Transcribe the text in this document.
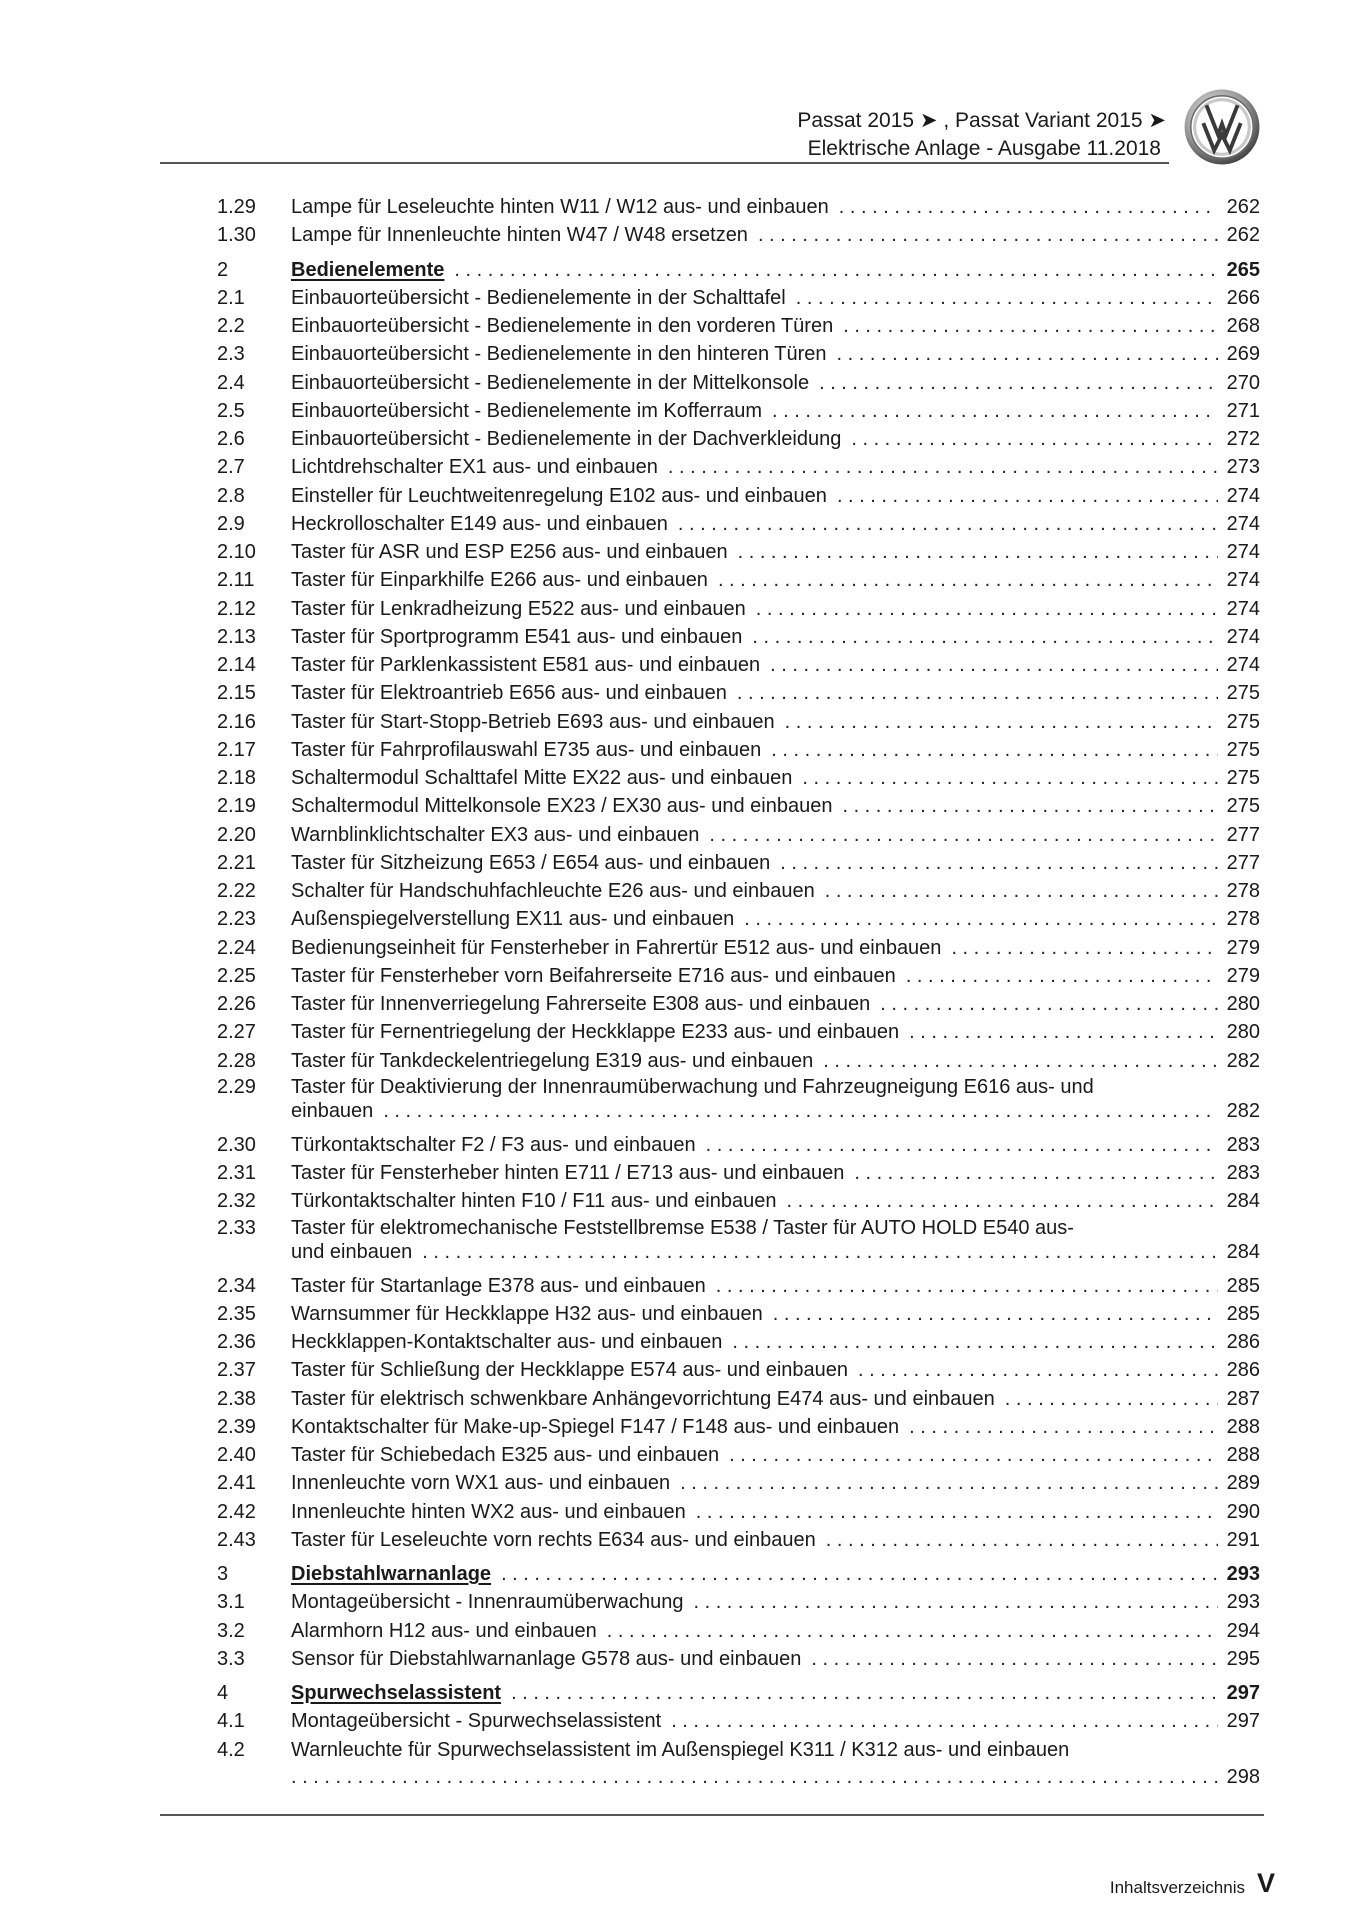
Passat 2015 ➤ , Passat Variant 2015 ➤
Elektrische Anlage - Ausgabe 11.2018
1.29 Lampe für Leseleuchte hinten W11 / W12 aus- und einbauen . . .	262
1.30 Lampe für Innenleuchte hinten W47 / W48 ersetzen . . .	262
2	Bedienelemente . . .	265
2.1 Einbauorteübersicht - Bedienelemente in der Schalttafel . . .	266
2.2 Einbauorteübersicht - Bedienelemente in den vorderen Türen . . .	268
2.3 Einbauorteübersicht - Bedienelemente in den hinteren Türen . . .	269
2.4 Einbauorteübersicht - Bedienelemente in der Mittelkonsole . . .	270
2.5 Einbauorteübersicht - Bedienelemente im Kofferraum . . .	271
2.6 Einbauorteübersicht - Bedienelemente in der Dachverkleidung . . .	272
2.7 Lichtdrehschalter EX1 aus- und einbauen . . .	273
2.8 Einsteller für Leuchtweitenregelung E102 aus- und einbauen . . .	274
2.9 Heckrolloschalter E149 aus- und einbauen . . .	274
2.10 Taster für ASR und ESP E256 aus- und einbauen . . .	274
2.11 Taster für Einparkhilfe E266 aus- und einbauen . . .	274
2.12 Taster für Lenkradheizung E522 aus- und einbauen . . .	274
2.13 Taster für Sportprogramm E541 aus- und einbauen . . .	274
2.14 Taster für Parklenkassistent E581 aus- und einbauen . . .	274
2.15 Taster für Elektroantrieb E656 aus- und einbauen . . .	275
2.16 Taster für Start-Stopp-Betrieb E693 aus- und einbauen . . .	275
2.17 Taster für Fahrprofilauswahl E735 aus- und einbauen . . .	275
2.18 Schaltermodul Schalttafel Mitte EX22 aus- und einbauen . . .	275
2.19 Schaltermodul Mittelkonsole EX23 / EX30 aus- und einbauen . . .	275
2.20 Warnblinklichtschalter EX3 aus- und einbauen . . .	277
2.21 Taster für Sitzheizung E653 / E654 aus- und einbauen . . .	277
2.22 Schalter für Handschuhfachleuchte E26 aus- und einbauen . . .	278
2.23 Außenspiegelverstellung EX11 aus- und einbauen . . .	278
2.24 Bedienungseinheit für Fensterheber in Fahrertür E512 aus- und einbauen . . .	279
2.25 Taster für Fensterheber vorn Beifahrerseite E716 aus- und einbauen . . .	279
2.26 Taster für Innenverriegelung Fahrerseite E308 aus- und einbauen . . .	280
2.27 Taster für Fernentriegelung der Heckklappe E233 aus- und einbauen . . .	280
2.28 Taster für Tankdeckelentriegelung E319 aus- und einbauen . . .	282
2.29 Taster für Deaktivierung der Innenraumüberwachung und Fahrzeugneigung E616 aus- und
einbauen . . .	282
2.30 Türkontaktschalter F2 / F3 aus- und einbauen . . .	283
2.31 Taster für Fensterheber hinten E711 / E713 aus- und einbauen . . .	283
2.32 Türkontaktschalter hinten F10 / F11 aus- und einbauen . . .	284
2.33 Taster für elektromechanische Feststellbremse E538 / Taster für AUTO HOLD E540 aus-
und einbauen . . .	284
2.34 Taster für Startanlage E378 aus- und einbauen . . .	285
2.35 Warnsummer für Heckklappe H32 aus- und einbauen . . .	285
2.36 Heckklappen-Kontaktschalter aus- und einbauen . . .	286
2.37 Taster für Schließung der Heckklappe E574 aus- und einbauen . . .	286
2.38 Taster für elektrisch schwenkbare Anhängevorrichtung E474 aus- und einbauen . . .	287
2.39 Kontaktschalter für Make-up-Spiegel F147 / F148 aus- und einbauen . . .	288
2.40 Taster für Schiebedach E325 aus- und einbauen . . .	288
2.41 Innenleuchte vorn WX1 aus- und einbauen . . .	289
2.42 Innenleuchte hinten WX2 aus- und einbauen . . .	290
2.43 Taster für Leseleuchte vorn rechts E634 aus- und einbauen . . .	291
3	Diebstahlwarnanlage . . .	293
3.1 Montageübersicht - Innenraumüberwachung . . .	293
3.2 Alarmhorn H12 aus- und einbauen . . .	294
3.3 Sensor für Diebstahlwarnanlage G578 aus- und einbauen . . .	295
4	Spurwechselassistent . . .	297
4.1 Montageübersicht - Spurwechselassistent . . .	297
4.2 Warnleuchte für Spurwechselassistent im Außenspiegel K311 / K312 aus- und einbauen
. . .
298
Inhaltsverzeichnis V
